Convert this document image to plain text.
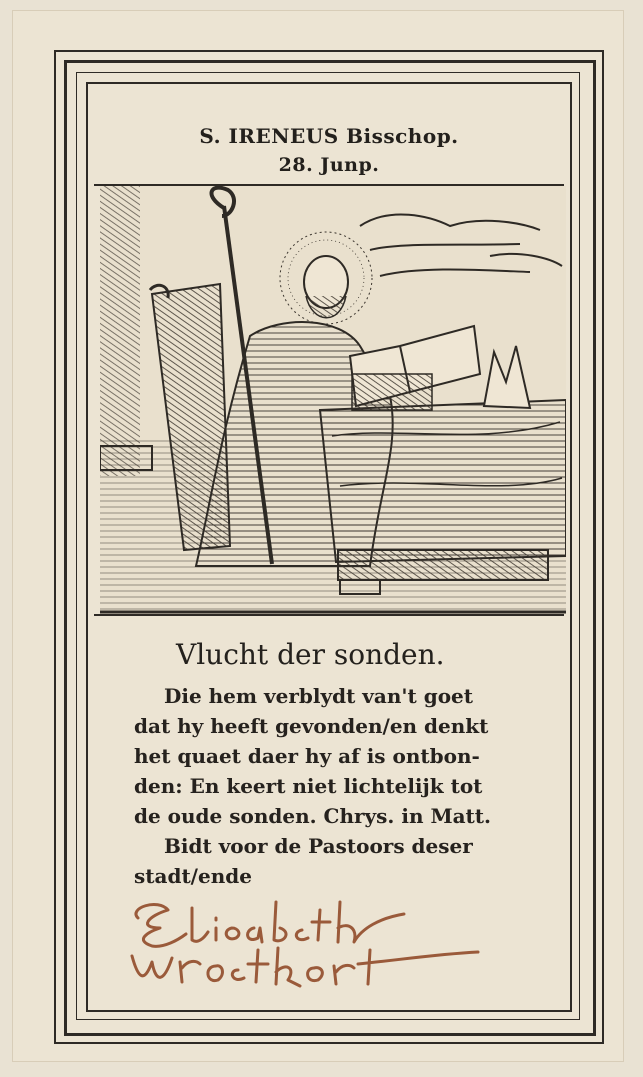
S. IRENEUS Bisschop.
28. Junp.
Vlucht der sonden.
Die hem verblydt van't goet
dat hy heeft gevonden/en denkt
het quaet daer hy af is ontbon-
den: En keert niet lichtelijk tot
de oude sonden. Chrys. in Matt.
Bidt voor de Pastoors deser
stadt/ende
